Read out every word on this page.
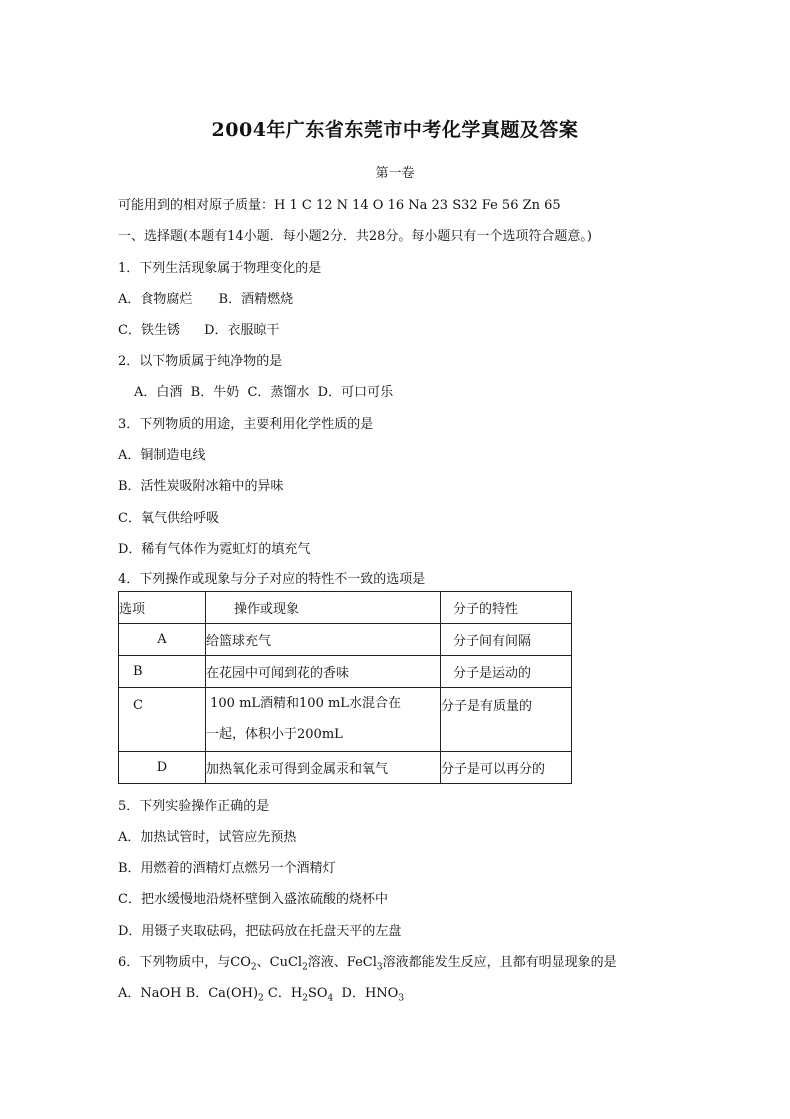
2004年广东省东莞市中考化学真题及答案
第一卷
可能用到的相对原子质量：H 1 C 12 N 14 O 16 Na 23 S32 Fe 56 Zn 65
一、选择题(本题有14小题．每小题2分．共28分。每小题只有一个选项符合题意。)
1．下列生活现象属于物理变化的是
A．食物腐烂 B．酒精燃烧
C．铁生锈 D．衣服晾干
2．以下物质属于纯净物的是
A．白酒  B．牛奶  C．蒸馏水  D．可口可乐
3．下列物质的用途，主要利用化学性质的是
A．铜制造电线
B．活性炭吸附冰箱中的异味
C．氧气供给呼吸
D．稀有气体作为霓虹灯的填充气
4．下列操作或现象与分子对应的特性不一致的选项是
选项	操作或现象	分子的特性
A	给篮球充气	分子间有间隔
B	在花园中可闻到花的香味	分子是运动的
C	100 mL酒精和100 mL水混合在
一起，体积小于200mL	分子是有质量的
D	加热氧化汞可得到金属汞和氧气	分子是可以再分的
5．下列实验操作正确的是
A．加热试管时，试管应先预热
B．用燃着的酒精灯点燃另一个酒精灯
C．把水缓慢地沿烧杯壁倒入盛浓硫酸的烧杯中
D．用镊子夹取砝码，把砝码放在托盘天平的左盘
6．下列物质中，与$CO_2$、CuCl$_2$溶液、FeCl$_3$溶液都能发生反应，且都有明显现象的是
A．NaOH B．$Ca(OH)_2$ C．$H_2SO_4$  D．$HNO_3$
